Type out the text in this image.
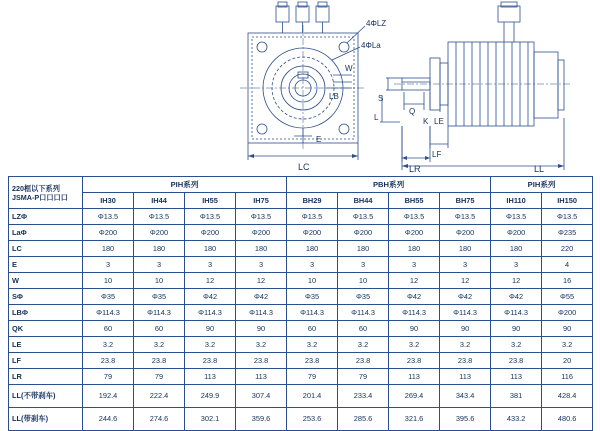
4ΦLZ
4ΦLa
W
LB
E
LC
S
Q
K LE
L
LF
LR	LL
220框以下系列
JSMA-P口口口口	PIH系列				PBH系列				PIH系列	
	IH30	IH44	IH55	IH75	BH29	BH44	BH55	BH75	IH110	IH150
LZΦ	Φ13.5	Φ13.5	Φ13.5	Φ13.5	Φ13.5	Φ13.5	Φ13.5	Φ13.5	Φ13.5	Φ13.5
LaΦ	Φ200	Φ200	Φ200	Φ200	Φ200	Φ200	Φ200	Φ200	Φ200	Φ235
LC	180	180	180	180	180	180	180	180	180	220
E	3	3	3	3	3	3	3	3	3	4
W	10	10	12	12	10	10	12	12	12	16
SΦ	Φ35	Φ35	Φ42	Φ42	Φ35	Φ35	Φ42	Φ42	Φ42	Φ55
LBΦ	Φ114.3	Φ114.3	Φ114.3	Φ114.3	Φ114.3	Φ114.3	Φ114.3	Φ114.3	Φ114.3	Φ200
QK	60	60	90	90	60	60	90	90	90	90
LE	3.2	3.2	3.2	3.2	3.2	3.2	3.2	3.2	3.2	3.2
LF	23.8	23.8	23.8	23.8	23.8	23.8	23.8	23.8	23.8	20
LR	79	79	113	113	79	79	113	113	113	116
LL(不带刹车)	192.4	222.4	249.9	307.4	201.4	233.4	269.4	343.4	381	428.4
LL(带刹车)	244.6	274.6	302.1	359.6	253.6	285.6	321.6	395.6	433.2	480.6
